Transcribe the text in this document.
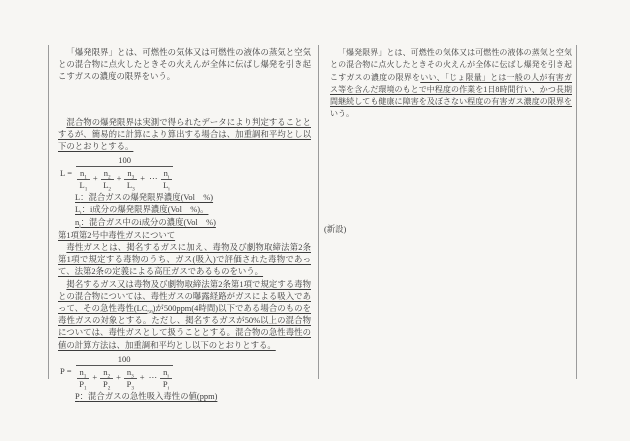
「爆発限界」とは、可燃性の気体又は可燃性の液体の蒸気と空気との混合物に点火したときその火えんが全体に伝ばし爆発を引き起こすガスの濃度の限界をいう。

混合物の爆発限界は実測で得られたデータにより判定することとするが、簡易的に計算により算出する場合は、加重調和平均とし以下のとおりとする。

$L = \frac{100}{\frac{n_1}{L_1} + \frac{n_2}{L_2} + \frac{n_3}{L_3} + \cdots \frac{n_i}{L_i}}$
L：混合ガスの爆発限界濃度(Vol　%)
$L_i$：i成分の爆発限界濃度(Vol　%)。
$n_i$：混合ガス中のi成分の濃度(Vol　%)
第1項第2号中毒性ガスについて

毒性ガスとは、掲名するガスに加え、毒物及び劇物取締法第2条第1項で規定する毒物のうち、ガス(吸入)で評価された毒物であって、法第2条の定義による高圧ガスであるものをいう。

掲名するガス又は毒物及び劇物取締法第2条第1項で規定する毒物との混合物については、毒性ガスの曝露経路がガスによる吸入であって、その急性毒性$(LC_{50})$が500ppm(4時間)以下である場合のものを毒性ガスの対象とする。ただし、掲名するガスが50%以上の混合物については、毒性ガスとして扱うこととする。混合物の急性毒性の値の計算方法は、加重調和平均とし以下のとおりとする。

$P = \frac{100}{\frac{n_1}{P_1} + \frac{n_2}{P_2} + \frac{n_3}{P_3} + \cdots \frac{n_i}{P_i}}$
P：混合ガスの急性吸入毒性の値(ppm)

「爆発限界」とは、可燃性の気体又は可燃性の液体の蒸気と空気との混合物に点火したときその火えんが全体に伝ばし爆発を引き起こすガスの濃度の限界をいい、「じょ限量」とは一般の人が有害ガス等を含んだ環境のもとで中程度の作業を1日8時間行い、かつ長期間継続しても健康に障害を及ぼさない程度の有害ガス濃度の限界をいう。

(新設)
